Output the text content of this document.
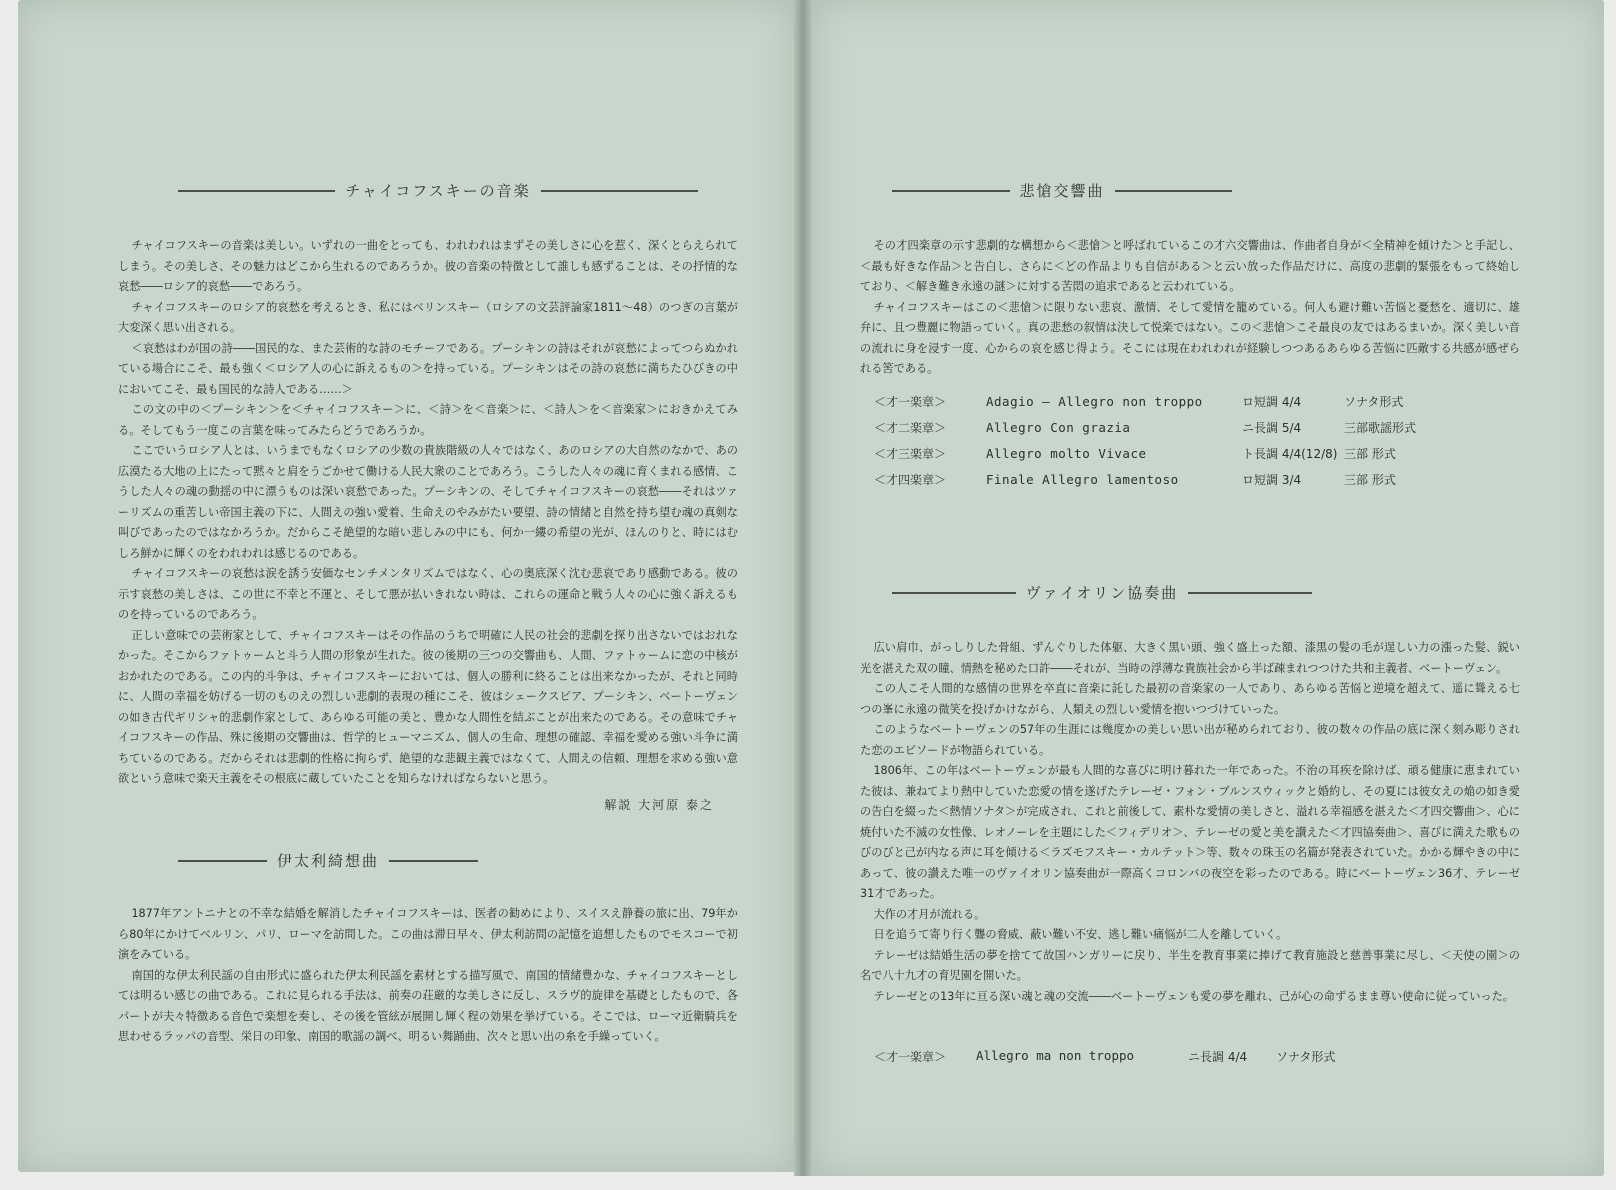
チャイコフスキーの音楽

チャイコフスキーの音楽は美しい。いずれの一曲をとっても、われわれはまずその美しさに心を惹く、深くとらえられてしまう。その美しさ、その魅力はどこから生れるのであろうか。彼の音楽の特徴として誰しも感ずることは、その抒情的な哀愁――ロシア的哀愁――であろう。

チャイコフスキーのロシア的哀愁を考えるとき、私にはベリンスキー（ロシアの文芸評論家1811～48）のつぎの言葉が大変深く思い出される。

＜哀愁はわが国の詩――国民的な、また芸術的な詩のモチーフである。プーシキンの詩はそれが哀愁によってつらぬかれている場合にこそ、最も強く＜ロシア人の心に訴えるもの＞を持っている。プーシキンはその詩の哀愁に満ちたひびきの中においてこそ、最も国民的な詩人である……＞

この文の中の＜プーシキン＞を＜チャイコフスキー＞に、＜詩＞を＜音楽＞に、＜詩人＞を＜音楽家＞におきかえてみる。そしてもう一度この言葉を味ってみたらどうであろうか。

ここでいうロシア人とは、いうまでもなくロシアの少数の貴族階級の人々ではなく、あのロシアの大自然のなかで、あの広漠たる大地の上にたって黙々と肩をうごかせて働ける人民大衆のことであろう。こうした人々の魂に育くまれる感情、こうした人々の魂の動揺の中に漂うものは深い哀愁であった。プーシキンの、そしてチャイコフスキーの哀愁――それはツァーリズムの重苦しい帝国主義の下に、人間えの強い愛着、生命えのやみがたい要望、詩の情緒と自然を持ち望む魂の真剣な叫びであったのではなかろうか。だからこそ絶望的な暗い悲しみの中にも、何か一縷の希望の光が、ほんのりと、時にはむしろ鮮かに輝くのをわれわれは感じるのである。

チャイコフスキーの哀愁は涙を誘う安価なセンチメンタリズムではなく、心の奥底深く沈む悲哀であり感動である。彼の示す哀愁の美しさは、この世に不幸と不運と、そして悪が払いきれない時は、これらの運命と戦う人々の心に強く訴えるものを持っているのであろう。

正しい意味での芸術家として、チャイコフスキーはその作品のうちで明確に人民の社会的悲劇を探り出さないではおれなかった。そこからファトゥームと斗う人間の形象が生れた。彼の後期の三つの交響曲も、人間、ファトゥームに恋の中核がおかれたのである。この内的斗争は、チャイコフスキーにおいては、個人の勝利に終ることは出来なかったが、それと同時に、人間の幸福を妨げる一切のものえの烈しい悲劇的表現の種にこそ、彼はシェークスピア、プーシキン、ベートーヴェンの如き古代ギリシャ的悲劇作家として、あらゆる可能の美と、豊かな人間性を結ぶことが出来たのである。その意味でチャイコフスキーの作品、殊に後期の交響曲は、哲学的ヒューマニズム、個人の生命、理想の確認、幸福を愛める強い斗争に満ちているのである。だからそれは悲劇的性格に拘らず、絶望的な悲観主義ではなくて、人間えの信頼、理想を求める強い意欲という意味で楽天主義をその根底に蔵していたことを知らなければならないと思う。

解説 大河原 泰之
伊太利綺想曲

1877年アントニナとの不幸な結婚を解消したチャイコフスキーは、医者の勧めにより、スイスえ静養の旅に出、79年から80年にかけてベルリン、パリ、ローマを訪問した。この曲は滞日早々、伊太利訪問の記憶を追想したものでモスコーで初演をみている。

南国的な伊太利民謡の自由形式に盛られた伊太利民謡を素材とする描写風で、南国的情緒豊かな、チャイコフスキーとしては明るい感じの曲である。これに見られる手法は、前奏の荘厳的な美しさに反し、スラヴ的旋律を基礎としたもので、各パートが夫々特徴ある音色で楽想を奏し、その後を管絃が展開し輝く程の効果を挙げている。そこでは、ローマ近衛騎兵を思わせるラッパの音型、栄日の印象、南国的歌謡の調べ、明るい舞踊曲、次々と思い出の糸を手繰っていく。

悲愴交響曲

その才四楽章の示す悲劇的な構想から＜悲愴＞と呼ばれているこの才六交響曲は、作曲者自身が＜全精神を傾けた＞と手記し、＜最も好きな作品＞と告白し、さらに＜どの作品よりも自信がある＞と云い放った作品だけに、高度の悲劇的緊張をもって終始しており、＜解き難き永遠の謎＞に対する苦悶の追求であると云われている。

チャイコフスキーはこの＜悲愴＞に限りない悲哀、激情、そして愛情を籠めている。何人も避け難い苦悩と憂愁を、適切に、雄弁に、且つ豊麗に物語っていく。真の悲愁の叙情は決して悦楽ではない。この＜悲愴＞こそ最良の友ではあるまいか。深く美しい音の流れに身を浸す一度、心からの哀を感じ得よう。そこには現在われわれが経験しつつあるあらゆる苦悩に匹敵する共感が感ぜられる筈である。

＜才一楽章＞	Adagio ― Allegro non troppo	ロ短調 4/4	ソナタ形式
＜才二楽章＞	Allegro Con grazia	ニ長調 5/4	三部歌謡形式
＜才三楽章＞	Allegro molto Vivace	ト長調 4/4(12/8)	三部 形式
＜才四楽章＞	Finale Allegro lamentoso	ロ短調 3/4	三部 形式
ヴァイオリン協奏曲

広い肩巾、がっしりした骨組、ずんぐりした体躯、大きく黒い頭、強く盛上った額、漆黒の髪の毛が逞しい力の漲った髪、鋭い光を湛えた双の瞳、情熱を秘めた口許――それが、当時の浮薄な貴族社会から半ば疎まれつつけた共和主義者、ベートーヴェン。

この人こそ人間的な感情の世界を卒直に音楽に託した最初の音楽家の一人であり、あらゆる苦悩と逆境を超えて、遥に聳える七つの峯に永遠の微笑を投げかけながら、人類えの烈しい愛情を抱いつづけていった。

このようなベートーヴェンの57年の生涯には幾度かの美しい思い出が秘められており、彼の数々の作品の底に深く刻み彫りされた恋のエピソードが物語られている。

1806年、この年はベートーヴェンが最も人間的な喜びに明け暮れた一年であった。不治の耳疾を除けば、頑る健康に恵まれていた彼は、兼ねてより熱中していた恋愛の情を遂げたテレーゼ・フォン・ブルンスウィックと婚約し、その夏には彼女えの焔の如き愛の告白を綴った＜熱情ソナタ＞が完成され、これと前後して、素朴な愛情の美しさと、溢れる幸福感を湛えた＜才四交響曲＞、心に焼付いた不滅の女性像、レオノーレを主題にした＜フィデリオ＞、テレーゼの愛と美を讃えた＜才四協奏曲＞、喜びに満えた歌ものびのびと己が内なる声に耳を傾ける＜ラズモフスキー・カルテット＞等、数々の珠玉の名篇が発表されていた。かかる輝やきの中にあって、彼の讃えた唯一のヴァイオリン協奏曲が一際高くコロンバの夜空を彩ったのである。時にベートーヴェン36才、テレーゼ31才であった。

大作の才月が流れる。

日を追うて寄り行く聾の脅威、蔽い難い不安、逃し難い痛悩が二人を離していく。

テレーゼは結婚生活の夢を捨てて故国ハンガリーに戻り、半生を教育事業に捧げて教育施設と慈善事業に尽し、＜天使の園＞の名で八十九才の育児園を開いた。

テレーゼとの13年に亘る深い魂と魂の交流――ベートーヴェンも愛の夢を離れ、己が心の命ずるまま尊い使命に従っていった。

＜才一楽章＞	Allegro ma non troppo	ニ長調 4/4	ソナタ形式
